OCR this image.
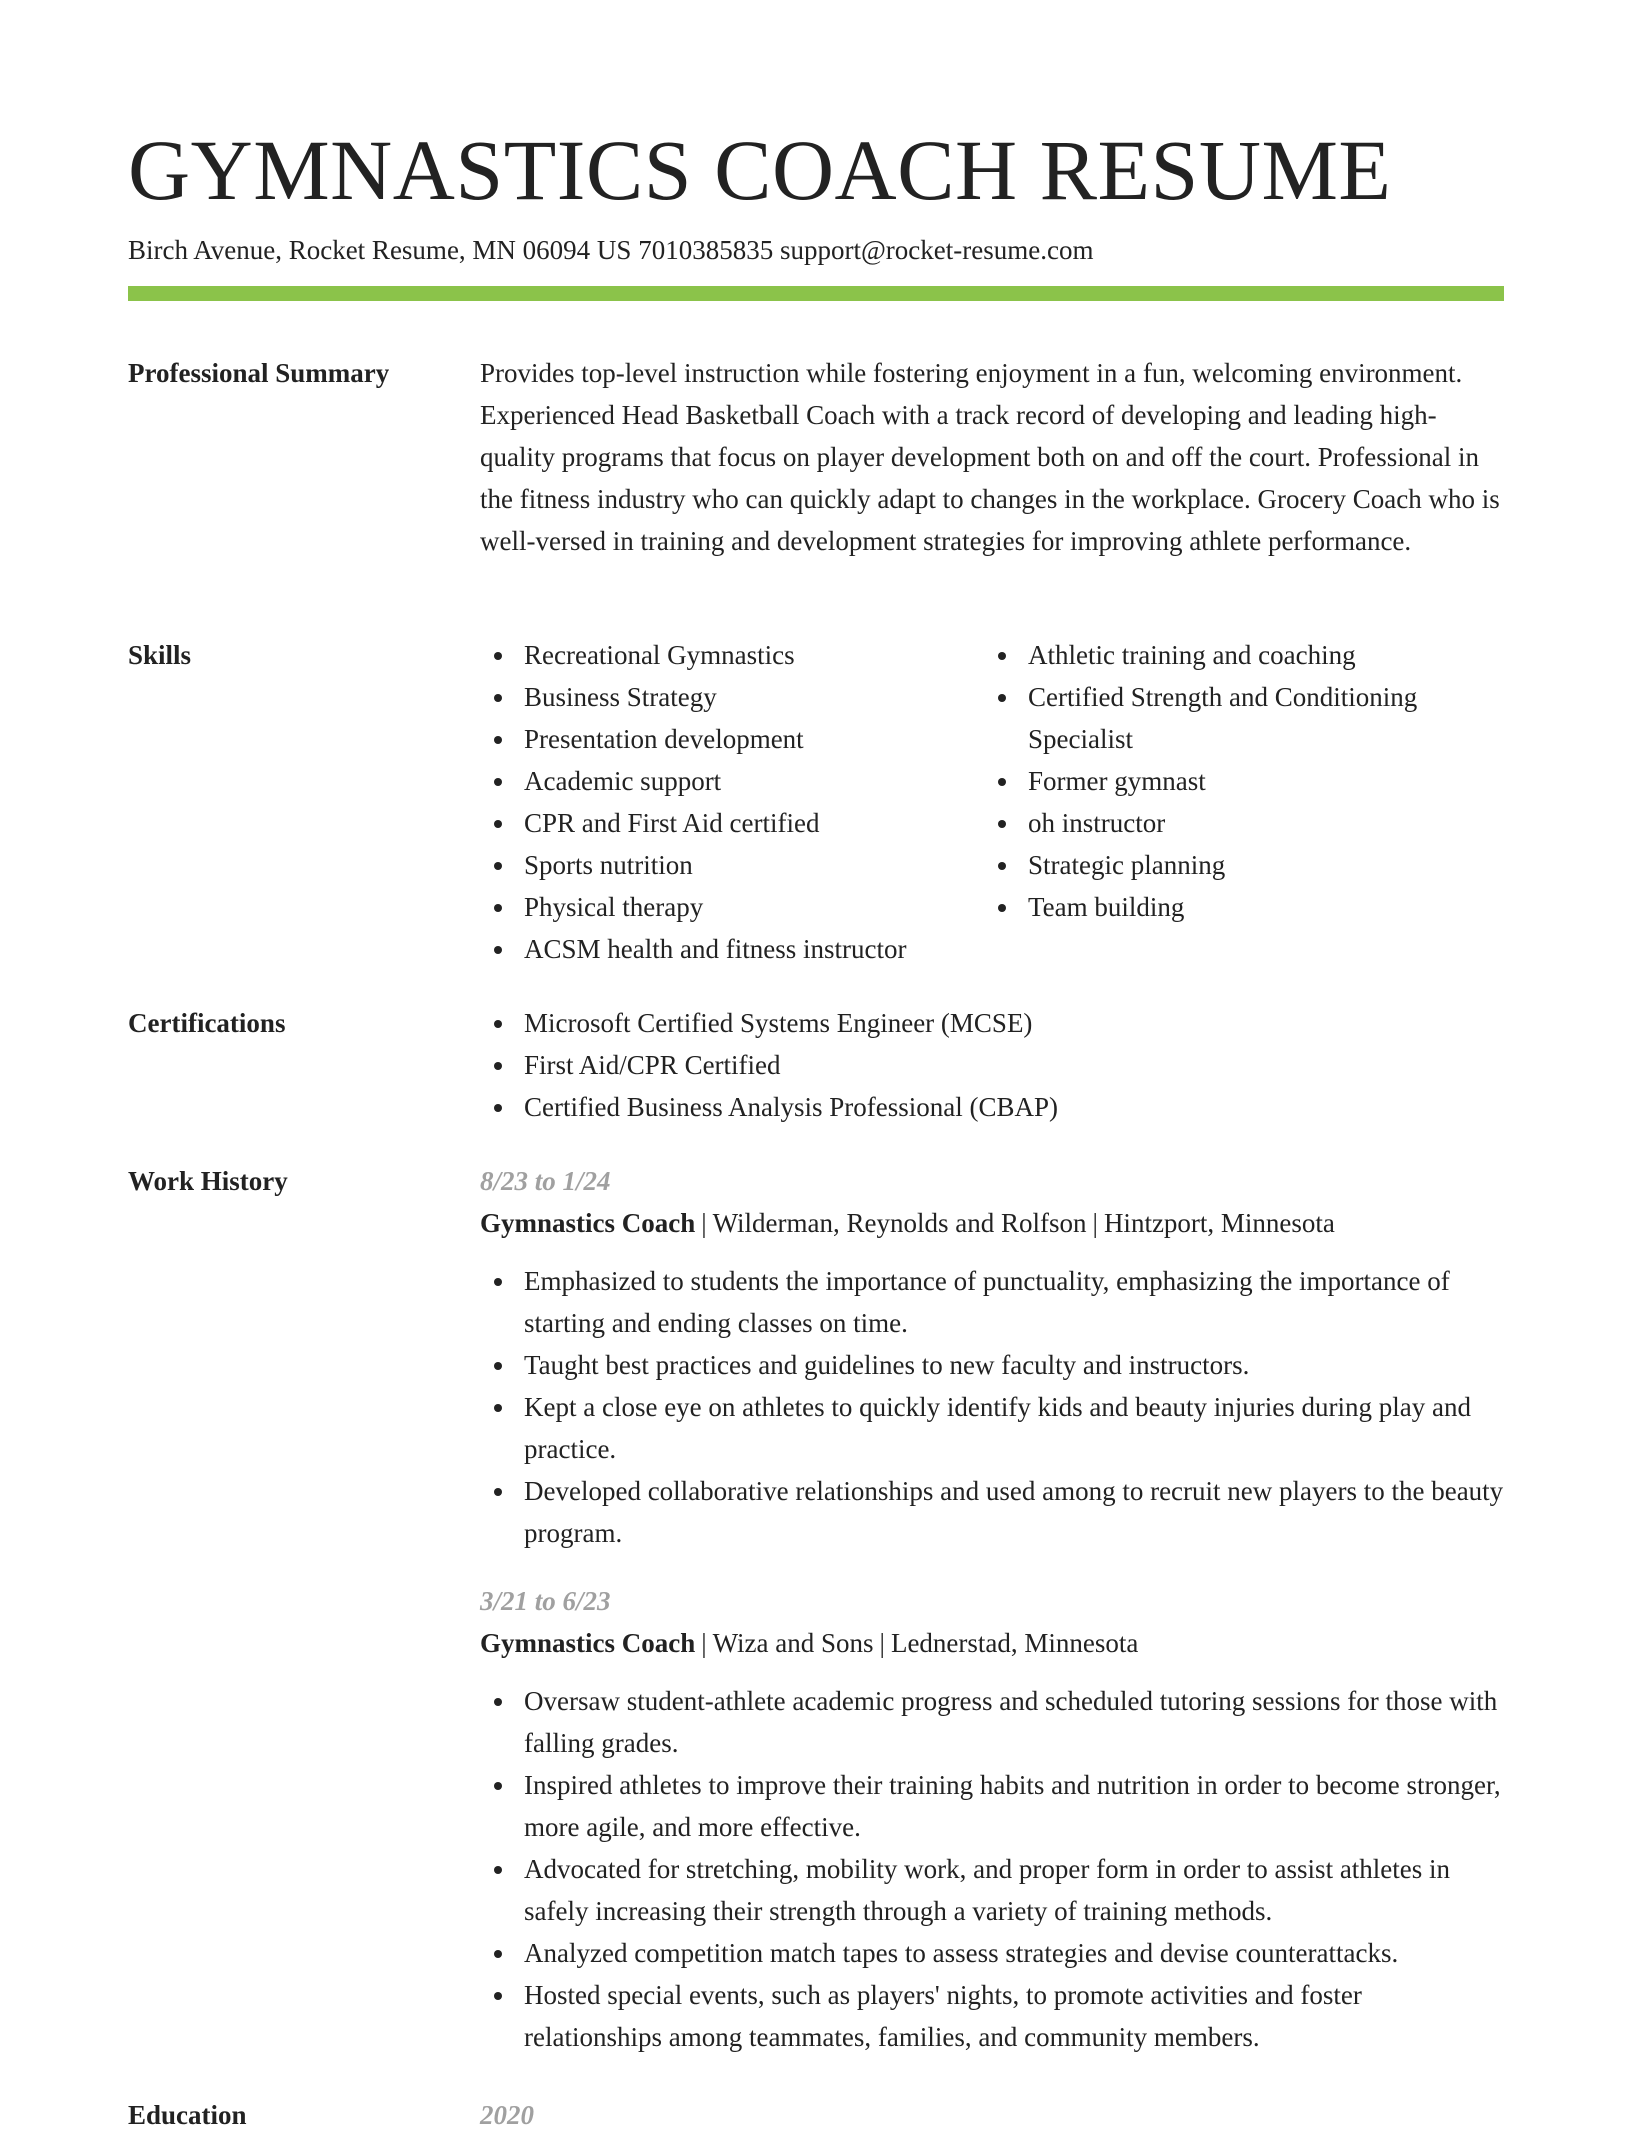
GYMNASTICS COACH RESUME
Birch Avenue, Rocket Resume, MN 06094 US 7010385835 support@rocket-resume.com
Professional Summary	Provides top-level instruction while fostering enjoyment in a fun, welcoming environment. Experienced Head Basketball Coach with a track record of developing and leading high-quality programs that focus on player development both on and off the court. Professional in the fitness industry who can quickly adapt to changes in the workplace. Grocery Coach who is well-versed in training and development strategies for improving athlete performance.

Skills	Recreational Gymnastics
Business Strategy
Presentation development
Academic support
CPR and First Aid certified
Sports nutrition
Physical therapy
ACSM health and fitness instructor
Athletic training and coaching
Certified Strength and Conditioning Specialist
Former gymnast
oh instructor
Strategic planning
Team building
Certifications	Microsoft Certified Systems Engineer (MCSE)
First Aid/CPR Certified
Certified Business Analysis Professional (CBAP)
Work History	8/23 to 1/24
Gymnastics Coach | Wilderman, Reynolds and Rolfson | Hintzport, Minnesota
Emphasized to students the importance of punctuality, emphasizing the importance of starting and ending classes on time.
Taught best practices and guidelines to new faculty and instructors.
Kept a close eye on athletes to quickly identify kids and beauty injuries during play and practice.
Developed collaborative relationships and used among to recruit new players to the beauty program.
3/21 to 6/23
Gymnastics Coach | Wiza and Sons | Lednerstad, Minnesota
Oversaw student-athlete academic progress and scheduled tutoring sessions for those with falling grades.
Inspired athletes to improve their training habits and nutrition in order to become stronger, more agile, and more effective.
Advocated for stretching, mobility work, and proper form in order to assist athletes in safely increasing their strength through a variety of training methods.
Analyzed competition match tapes to assess strategies and devise counterattacks.
Hosted special events, such as players' nights, to promote activities and foster relationships among teammates, families, and community members.
Education	2020
